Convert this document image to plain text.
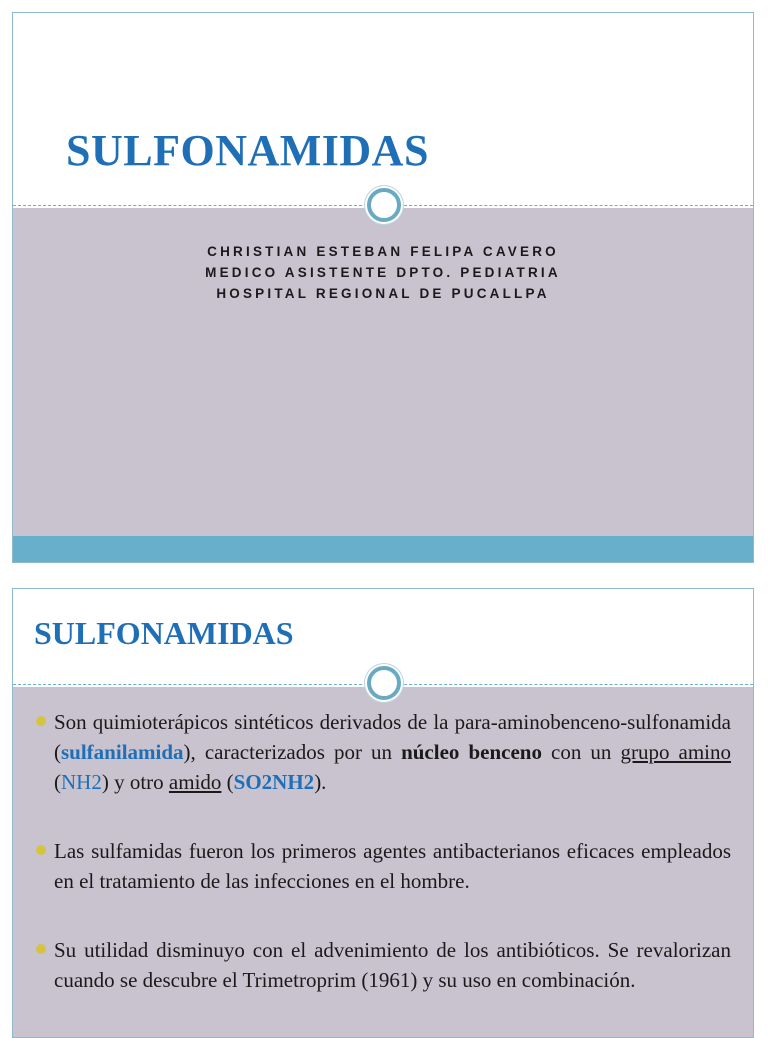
SULFONAMIDAS
CHRISTIAN ESTEBAN FELIPA CAVERO
MEDICO ASISTENTE DPTO. PEDIATRIA
HOSPITAL REGIONAL DE PUCALLPA
SULFONAMIDAS
Son quimioterápicos sintéticos derivados de la para-aminobenceno-sulfonamida (sulfanilamida), caracterizados por un núcleo benceno con un grupo amino (NH2) y otro amido (SO2NH2).
Las sulfamidas fueron los primeros agentes antibacterianos eficaces empleados en el tratamiento de las infecciones en el hombre.
Su utilidad disminuyo con el advenimiento de los antibióticos. Se revalorizan cuando se descubre el Trimetroprim (1961) y su uso en combinación.
